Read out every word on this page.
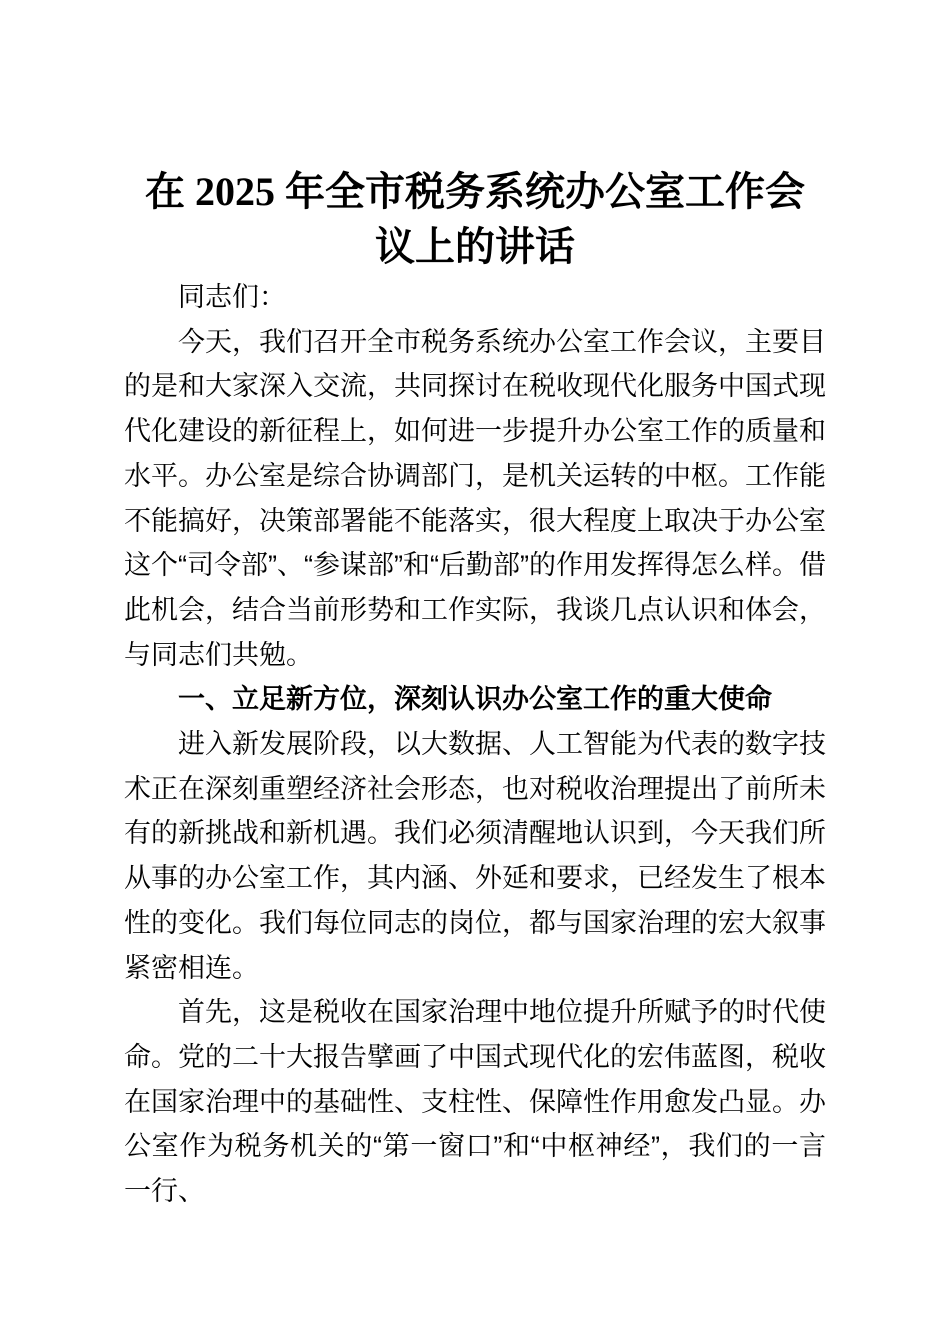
在 2025 年全市税务系统办公室工作会
议上的讲话

同志们：

今天，我们召开全市税务系统办公室工作会议，主要目的是和大家深入交流，共同探讨在税收现代化服务中国式现代化建设的新征程上，如何进一步提升办公室工作的质量和水平。办公室是综合协调部门，是机关运转的中枢。工作能不能搞好，决策部署能不能落实，很大程度上取决于办公室这个“司令部”、“参谋部”和“后勤部”的作用发挥得怎么样。借此机会，结合当前形势和工作实际，我谈几点认识和体会，与同志们共勉。

一、立足新方位，深刻认识办公室工作的重大使命

进入新发展阶段，以大数据、人工智能为代表的数字技术正在深刻重塑经济社会形态，也对税收治理提出了前所未有的新挑战和新机遇。我们必须清醒地认识到，今天我们所从事的办公室工作，其内涵、外延和要求，已经发生了根本性的变化。我们每位同志的岗位，都与国家治理的宏大叙事紧密相连。

首先，这是税收在国家治理中地位提升所赋予的时代使命。党的二十大报告擘画了中国式现代化的宏伟蓝图，税收在国家治理中的基础性、支柱性、保障性作用愈发凸显。办公室作为税务机关的“第一窗口”和“中枢神经”，我们的一言一行、
